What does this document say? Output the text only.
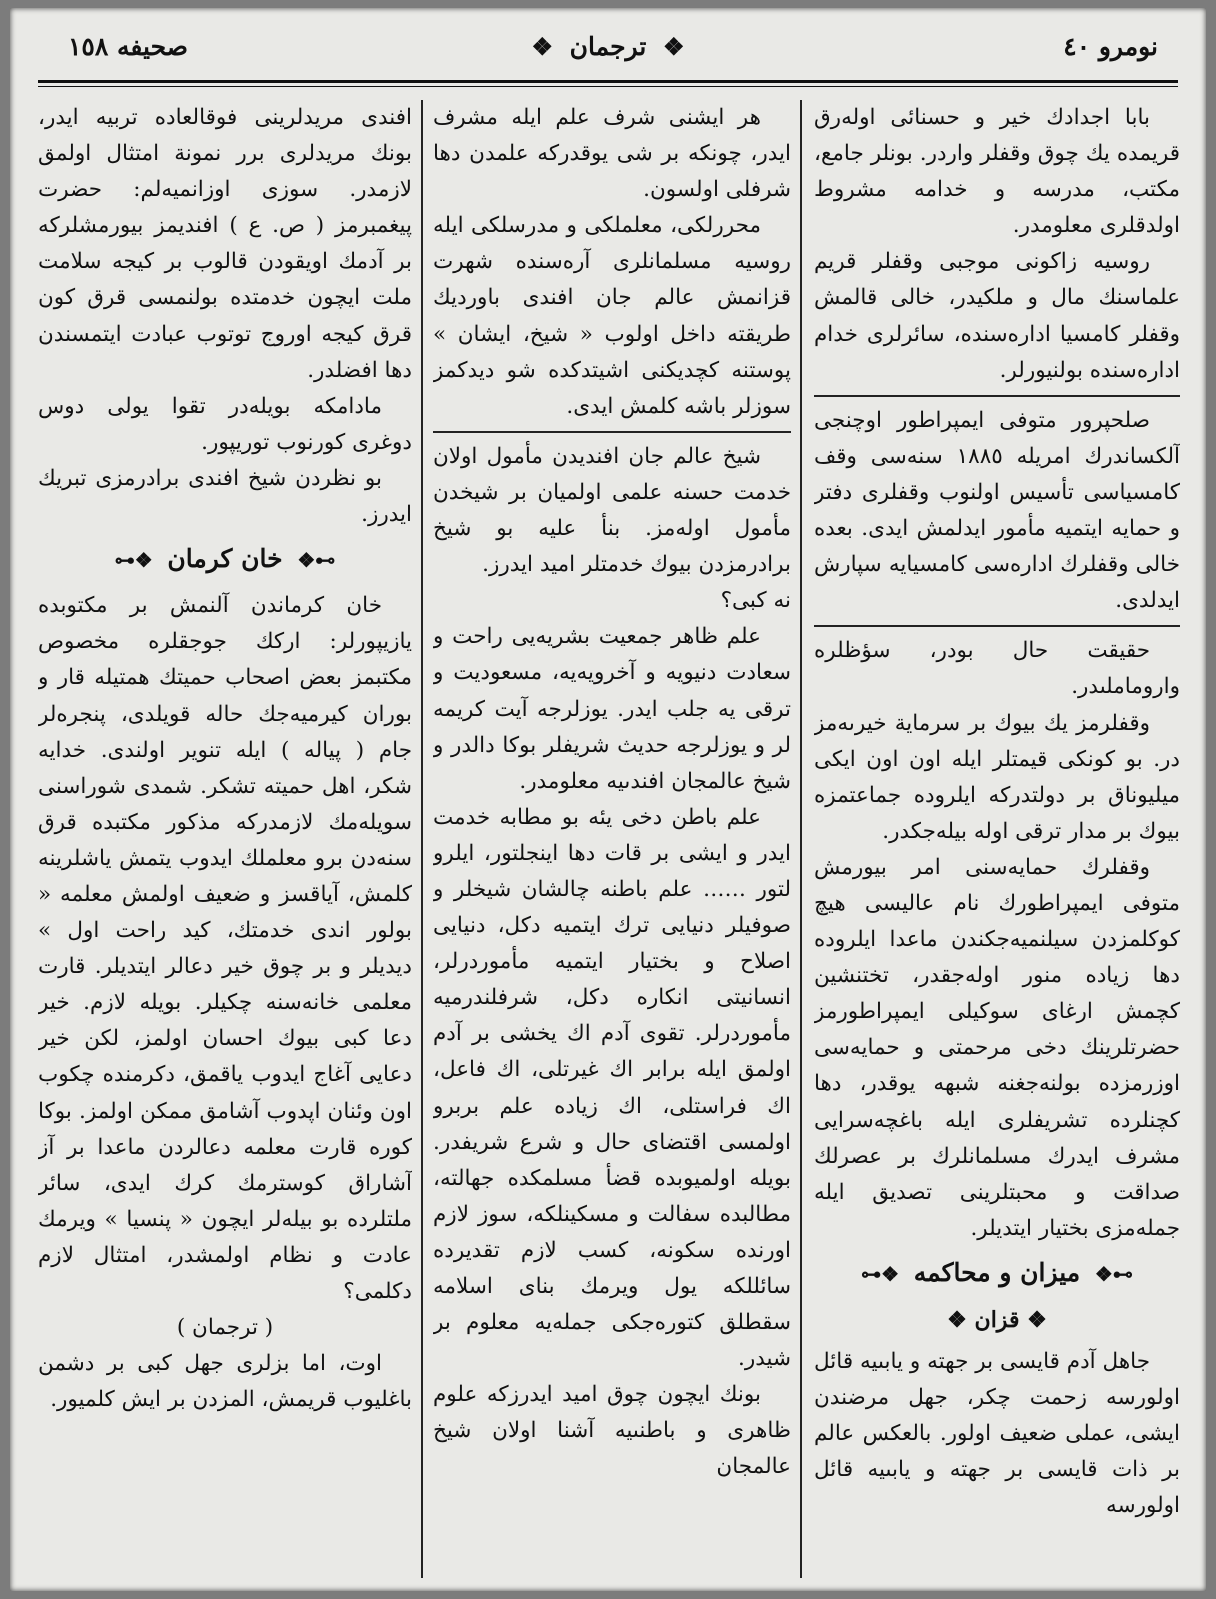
نومرو ٤٠
❖ ترجمان ❖
صحيفه ١٥٨

بابا اجدادك خير و حسنائى اولەرق قريمدە يك چوق وقفلر واردر. بونلر جامع، مكتب، مدرسە و خدامە مشروط اولدقلرى معلومدر.

روسيە زاكونى موجبى وقفلر قريم علماسنك مال و ملكيدر، خالى قالمش وقفلر كامسيا ادارەسندە، سائرلرى خدام ادارەسندە بولنيورلر.

صلحپرور متوفى ايمپراطور اوچنجى آلكساندرك امريلە ١٨٨٥ سنەسى وقف كامسياسى تأسيس اولنوب وقفلرى دفتر و حمايە ايتميە مأمور ايدلمش ايدى. بعدە خالى وقفلرك ادارەسى كامسيايە سپارش ايدلدى.

حقيقت حال بودر، سؤظلرە واروماملىدر.

وقفلرمز يك بيوك بر سرماية خيرىەمز در. بو كونكى قيمتلر ايلە اون اون ايكى ميليوناق بر دولتدركە ايلرودە جماعتمزە بيوك بر مدار ترقى اولە بيلەجكدر.

وقفلرك حمايەسنى امر بيورمش متوفى ايمپراطورك نام عاليسى هيچ كوكلمزدن سيلنميەجكندن ماعدا ايلرودە دها زيادە منور اولەجقدر، تختنشين كچمش ارغاى سوكيلى ايمپراطورمز حضرتلرينك دخى مرحمتى و حمايەسى اوزرمزدە بولنەجغنە شبهە يوقدر، دها كچنلردە تشريفلرى ايلە باغچەسرايى مشرف ايدرك مسلمانلرك بر عصرلك صداقت و محبتلرينى تصديق ايلە جملەمزى بختيار ايتديلر.

⊶❖ ميزان و محاكمە ❖⊷
❖ قزان ❖

جاهل آدم قايسى بر جهتە و يابىيە قائل اولورسە زحمت چكر، جهل مرضندن ايشى، عملى ضعيف اولور. بالعكس عالم بر ذات قايسى بر جهتە و يابىيە قائل اولورسە

هر ايشنى شرف علم ايلە مشرف ايدر، چونكە بر شى يوقدركە علمدن دها شرفلى اولسون.

محررلكى، معلملكى و مدرسلكى ايلە روسيە مسلمانلرى آرەسندە شهرت قزانمش عالم جان افندى باورديك طريقتە داخل اولوب « شيخ، ايشان » پوستنە كچديكنى اشيتدكدە شو ديدكمز سوزلر باشە كلمش ايدى.

شيخ عالم جان افنديدن مأمول اولان خدمت حسنە علمى اولميان بر شيخدن مأمول اولەمز. بنأ عليە بو شيخ برادرمزدن بيوك خدمتلر اميد ايدرز.

نە كبى؟

علم ظاهر جمعيت بشريەيى راحت و سعادت دنيويە و آخرويەيە، مسعوديت و ترقى يە جلب ايدر. يوزلرجە آيت كريمە لر و يوزلرجە حديث شريفلر بوكا دالدر و شيخ عالمجان افندىيە معلومدر.

علم باطن دخى يئە بو مطابە خدمت ايدر و ايشى بر قات دها اينجلتور، ايلرو لتور …… علم باطنە چالشان شيخلر و صوفيلر دنيايى ترك ايتميە دكل، دنيايى اصلاح و بختيار ايتميە مأموردرلر، انسانيتى انكارە دكل، شرفلندرميە مأموردرلر. تقوى آدم اك يخشى بر آدم اولمق ايلە برابر اك غيرتلى، اك فاعل، اك فراستلى، اك زيادە علم بربرو اولمسى اقتضاى حال و شرع شريفدر. بويلە اولميوبدە قضأ مسلمكدە جهالتە، مطالبدە سفالت و مسكينلكە، سوز لازم اورندە سكونە، كسب لازم تقديردە سائللكە يول ويرمك بناى اسلامە سقطلق كتورەجكى جملەيە معلوم بر شيدر.

بونك ايچون چوق اميد ايدرزكە علوم ظاهرى و باطنىيە آشنا اولان شيخ عالمجان

افندى مريدلرينى فوقالعادە تربيە ايدر، بونك مريدلرى برر نمونة امتثال اولمق لازمدر. سوزى اوزانميەلم: حضرت پيغمبرمز ( ص. ع ) افنديمز بيورمشلركە بر آدمك اويقودن قالوب بر كيجە سلامت ملت ايچون خدمتدە بولنمسى قرق كون قرق كيجە اوروج توتوب عبادت ايتمسندن دها افضلدر.

مادامكە بويلەدر تقوا يولى دوس دوغرى كورنوب توريپور.

بو نظردن شيخ افندى برادرمزى تبريك ايدرز.

⊶❖ خان كرمان ❖⊷

خان كرماندن آلنمش بر مكتوبدە يازيپورلر: اركك جوجقلرە مخصوص مكتبمز بعض اصحاب حميتك همتيلە قار و بوران كيرميەجك حالە قويلدى، پنجرەلر جام ( پيالە ) ايلە تنوير اولندى. خدايە شكر، اهل حميتە تشكر. شمدى شوراسنى سويلەمك لازمدركە مذكور مكتبدە قرق سنەدن برو معلملك ايدوب يتمش ياشلرينە كلمش، آياقسز و ضعيف اولمش معلمە « بولور اندى خدمتك، كيد راحت اول » ديديلر و بر چوق خير دعالر ايتديلر. قارت معلمى خانەسنە چكيلر. بويلە لازم. خير دعا كبى بيوك احسان اولمز، لكن خير دعايى آغاج ايدوب ياقمق، دكرمندە چكوب اون وئنان اپدوب آشامق ممكن اولمز. بوكا كورە قارت معلمە دعالردن ماعدا بر آز آشاراق كوسترمك كرك ايدى، سائر ملتلردە بو بيلەلر ايچون « پنسيا » ويرمك عادت و نظام اولمشدر، امتثال لازم دكلمى؟

( ترجمان )

اوت، اما بزلرى جهل كبى بر دشمن باغليوب قريمش، المزدن بر ايش كلميور.
